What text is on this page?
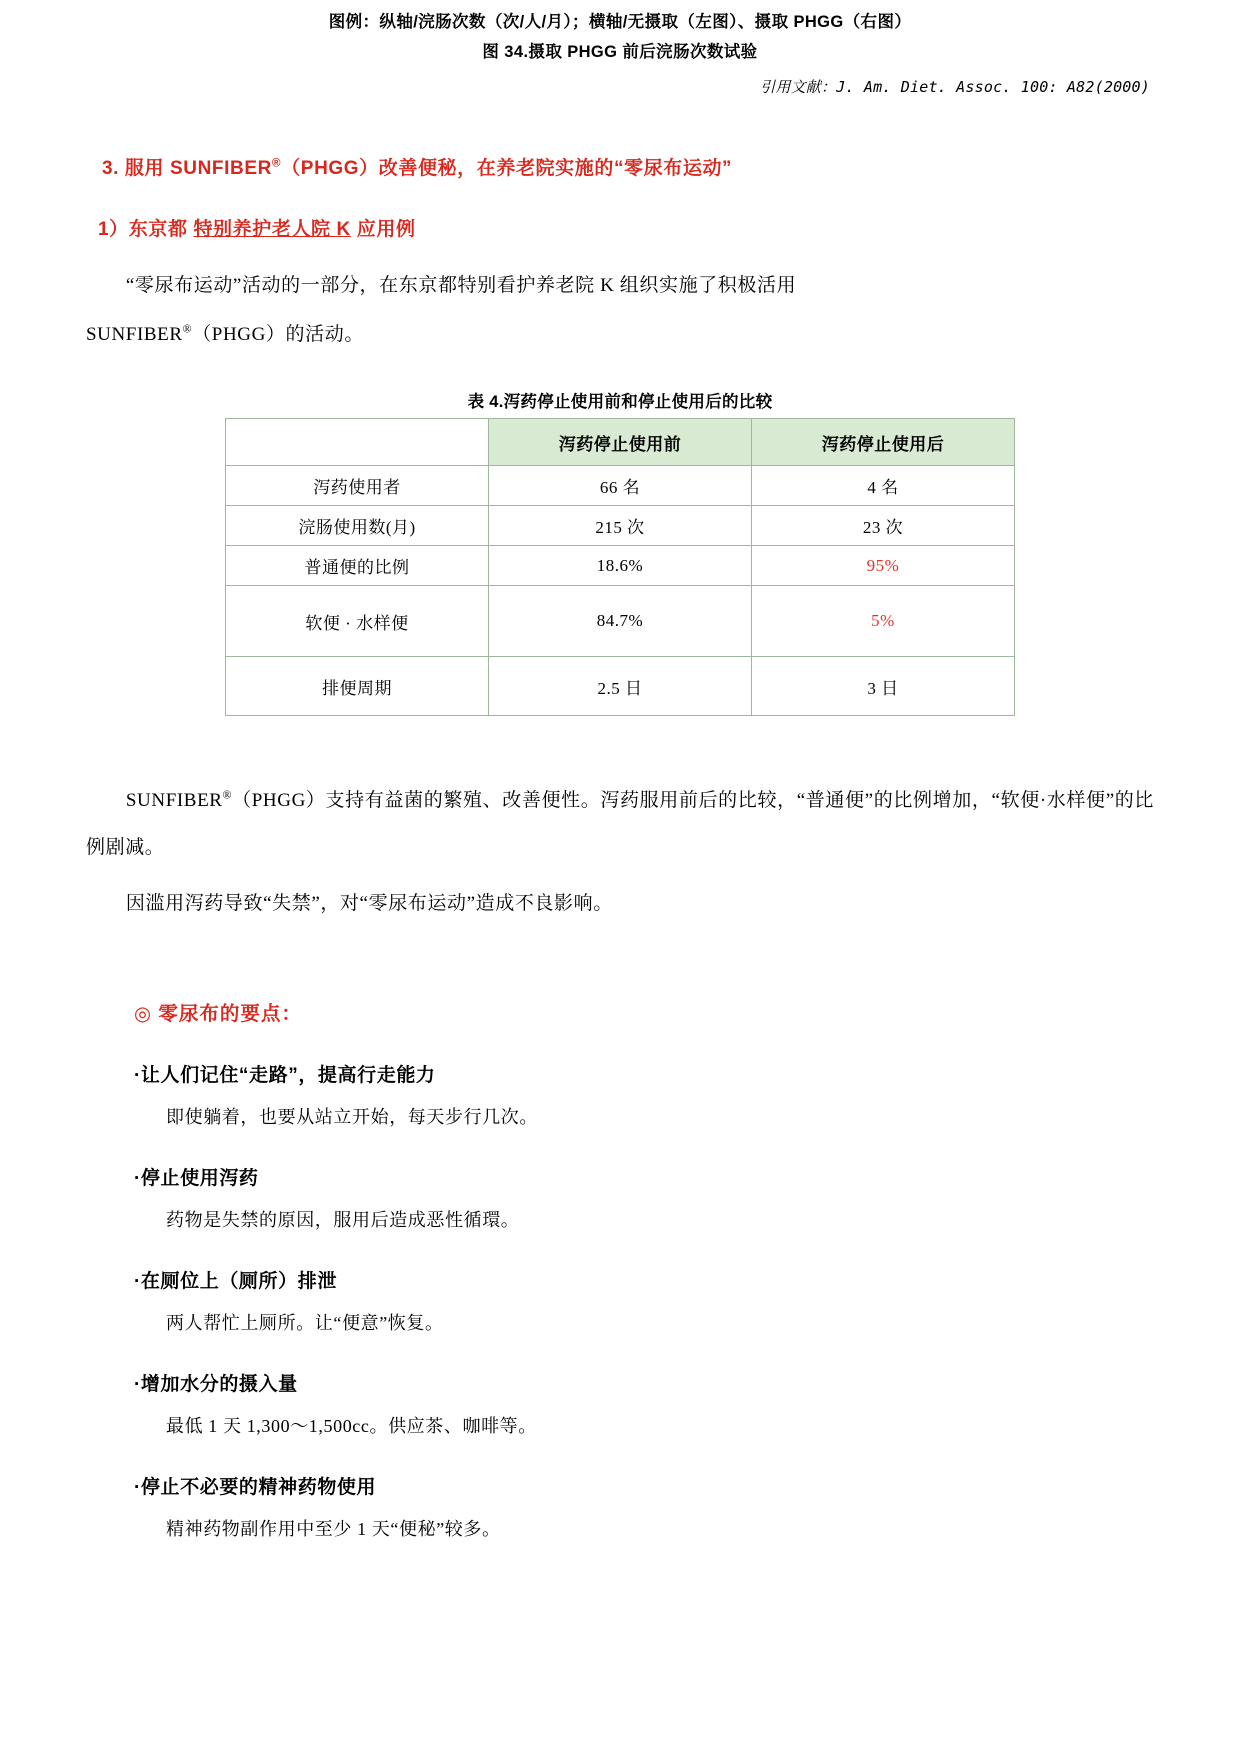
图例：纵轴/浣肠次数（次/人/月）；横轴/无摄取（左图）、摄取 PHGG（右图）
图 34.摄取 PHGG 前后浣肠次数试验
引用文献：J. Am. Diet. Assoc. 100: A82(2000)
3. 服用 SUNFIBER®（PHGG）改善便秘，在养老院实施的“零尿布运动”
1）东京都 特别养护老人院 K 应用例
“零尿布运动”活动的一部分，在东京都特别看护养老院 K 组织实施了积极活用
SUNFIBER®（PHGG）的活动。
表 4.泻药停止使用前和停止使用后的比较
	泻药停止使用前	泻药停止使用后
泻药使用者	66 名	4 名
浣肠使用数(月)	215 次	23 次
普通便的比例	18.6%	95%
软便 · 水样便	84.7%	5%
排便周期	2.5 日	3 日
SUNFIBER®（PHGG）支持有益菌的繁殖、改善便性。泻药服用前后的比较，“普通便”的比例增加，“软便·水样便”的比例剧减。
因滥用泻药导致“失禁”，对“零尿布运动”造成不良影响。
◎ 零尿布的要点：
·让人们记住“走路”，提高行走能力
即使躺着，也要从站立开始，每天步行几次。
·停止使用泻药
药物是失禁的原因，服用后造成恶性循環。
·在厕位上（厕所）排泄
两人帮忙上厕所。让“便意”恢复。
·增加水分的摄入量
最低 1 天 1,300～1,500cc。供应茶、咖啡等。
·停止不必要的精神药物使用
精神药物副作用中至少 1 天“便秘”较多。
